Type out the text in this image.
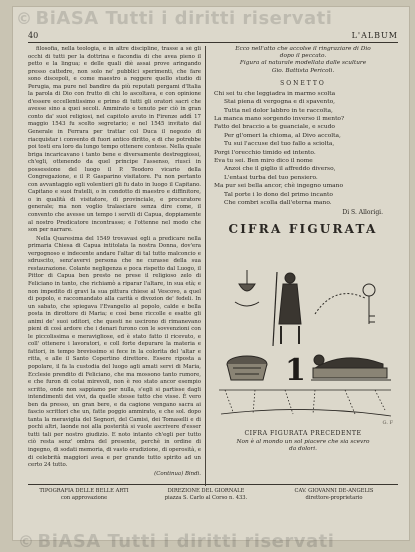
© BiASA Tutti i diritti riservati
40	L'ALBUM

filosofia, nella teologia, e in altre discipline, trasse a sè gli occhi di tutti per la dottrina e facondia di che avea pieno il petto e la lingua; e delle quali diè assai prove aringando presso cattedre, non solo ne' pubblici sperimenti, che fare sono discepoli, e come maestro a reggere quello studio di Perugia, ma pure nel bandire da più reputati pergami d'Italia la parola di Dio con frutto di chi lo ascoltava, e con opinione d'essere eccellentissimo e primo di tutti gli oratori sacri che avesse sino a quei secoli. Ammirato e tenuto per ciò in gran conto da' suoi religiosi, nel capitolo avuto in Firenze addì 17 maggio 1543 fu scelto segretario; e nel 1545 invitato dal Generale in Ferrara per trattar col Duca il negozio di riacquistar i convento di fuori antico diritto, e di che potrebbe poi tosti era loro da lungo tempo ottenere contese. Nella quale briga incaricavano i tanto bene e diversamente destreggiossi, ch'egli, ottenendo da quel principe l'assenso, riuscì in possessione del luogo il P. Teodoro vicario della Congregazione, e il P. Gasparino visitatore. Fu non pertanto con avvantaggio egli volentieri gli fu dato in luogo il Capitano. Capitano e suoi fratelli, o in condotto di maestro e diffinitore, o in qualità di visitatore, di provinciale, e procuratore generale; ma non voglio tralasciare senza dire come, il convento che avesse un tempo i servili di Capua, doppiamente al nostro Predicatore incontrasse; e l'ottenne nel modo che son per narrare.

Nella Quaresima del 1549 trovavasi egli a predicare nella primaria Chiesa di Capua intitolata la nostra Donna, dov'era vergognoso e indecente andare l'altar di tal tutto malconcio e sdruscito, senz'avervi persona che ne curasse della sua restaurazione. Colante negligenza e poca rispetto dal Luogo, il Pittor di Capua ben presto ne prese il religioso zelo di Feliciano in tanto, che richiamò a riparar l'altare, in sua età; e non impedito di gravi la sua pittura chiese al Vescovo, a quel di popolo, e raccomandato alla carità e divozion de' fedeli. In un sabato, che spiegava l'Evangelio al popolo, calde e bella posta in dirottore di Maria; e così bene riccolle e esatte gli animi de' suoi uditori, che questi ne uscirono di rimanevano pieni di così ardore che i denari furono con le sovvenzioni con le piccolissima e meravigliose, ed è stato fatto il ricevuto, e coll' ottenere i lavoratori, e coll forte depurare la materia e fattori, in tempo brevissimo si fece in la colorita del 'altar e ritta, e alle il Santo Copertino direttore. Essere riposta a popolare, il fa la custodia del luogo agli amati servi di Maria, Ecclesie prendito di Feliciano, che ma mossono tanto rumore, e che furon di cotai mirevoli, non è reo stato ancor esempio scritto, onde non sappiamo per nulla, s'egli si partisse dagli intendimenti dei vivi, da quelle stesse tutto che visse. È vero ben da presso, un gran bere, e da cagione vengano sacra ai fascio scrittori che un, fatte poggio ammirato, e che sol. dopo tanta la meraviglia del Segnori, del Camisi, dei Tomaselli e di pochi altri, laonde noi alla posterità si vuole ascrivere d'esser tutti tali per nostro giudizio. E noto intanto ch'egli per tutto ciò resta senz' ombra del presente, perchè in ordine di ingegno, di sodati memoria, di vasto erudizione, di operosità, e di celebrità maggiori avea e per grande tutto spirito ad un certo 24 tutto.

(Continua) Bindi.

Ecco nell'atto che accolse il ringraziare di Dio
dopo il peccato.
Figura al naturale modellata dalle sculture
Gio. Battista Pericoli.
SONETTO
Chi sei tu che leggiadra in marmo scolta
Stai piena di vergogna e di spavento,
Tutta nel dolor labbro in te raccolta,
La manca mano sorgendo inverso il mento?
Fatto del braccio a te guanciale, e scudo
Per gl'omeri la chioma, al Divo accolta,
Tu sui l'accuse del tuo fallo a sciolta,
Porgi l'orecchio timido ed intento.
Eva tu sei. Ben miro dico il nome
Anzoi che il giglio il affreddo diverso,
L'entasi turba del tuo pensiero.
Ma pur sei bella ancor, chè ingegno umano
Tal porte i lo dono del primo incanto
Che combri scolla dall'eterna mano.
Di S. Allorigi.
CIFRA FIGURATA
1
G. F
CIFRA FIGURATA PRECEDENTE
Non è al mondo un sol piacere che sia scevro
da dolori.
TIPOGRAFIA DELLE BELLE ARTI
con approvazione
DIREZIONE DEL GIORNALE
piazza S. Carlo al Corso n. 433.
CAV. GIOVANNI DE-ANGELIS
direttore-proprietario
© BiASA Tutti i diritti riservati
